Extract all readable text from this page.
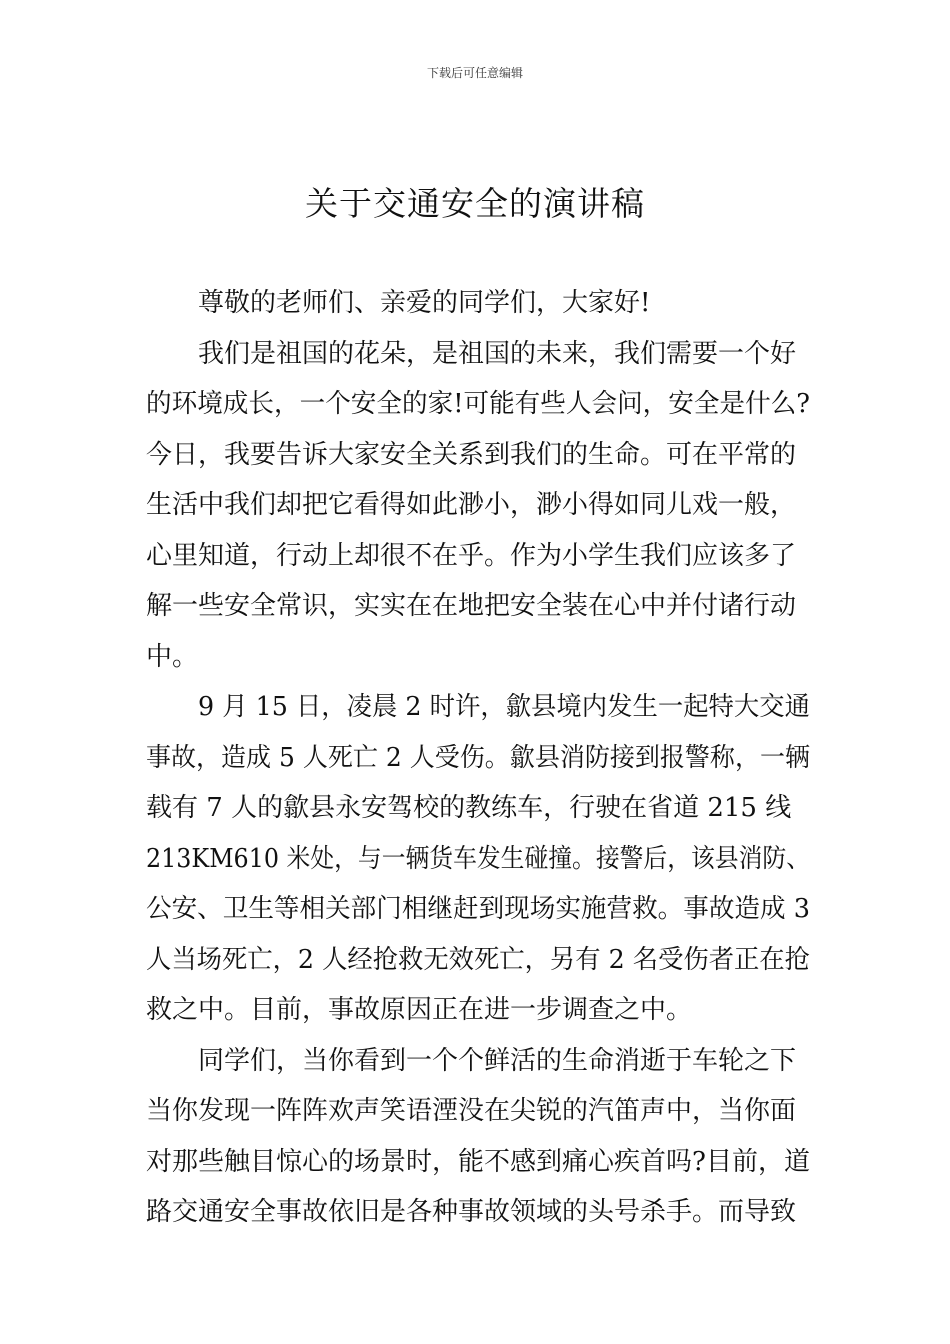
下载后可任意编辑
关于交通安全的演讲稿
尊敬的老师们、亲爱的同学们，大家好!
我们是祖国的花朵，是祖国的未来，我们需要一个好
的环境成长，一个安全的家!可能有些人会问，安全是什么?
今日，我要告诉大家安全关系到我们的生命。可在平常的
生活中我们却把它看得如此渺小，渺小得如同儿戏一般，
心里知道，行动上却很不在乎。作为小学生我们应该多了
解一些安全常识，实实在在地把安全装在心中并付诸行动
中。
9 月 15 日，凌晨 2 时许，歙县境内发生一起特大交通
事故，造成 5 人死亡 2 人受伤。歙县消防接到报警称，一辆
载有 7 人的歙县永安驾校的教练车，行驶在省道 215 线
213KM610 米处，与一辆货车发生碰撞。接警后，该县消防、
公安、卫生等相关部门相继赶到现场实施营救。事故造成 3
人当场死亡，2 人经抢救无效死亡，另有 2 名受伤者正在抢
救之中。目前，事故原因正在进一步调查之中。
同学们，当你看到一个个鲜活的生命消逝于车轮之下
当你发现一阵阵欢声笑语湮没在尖锐的汽笛声中，当你面
对那些触目惊心的场景时，能不感到痛心疾首吗?目前，道
路交通安全事故依旧是各种事故领域的头号杀手。而导致
